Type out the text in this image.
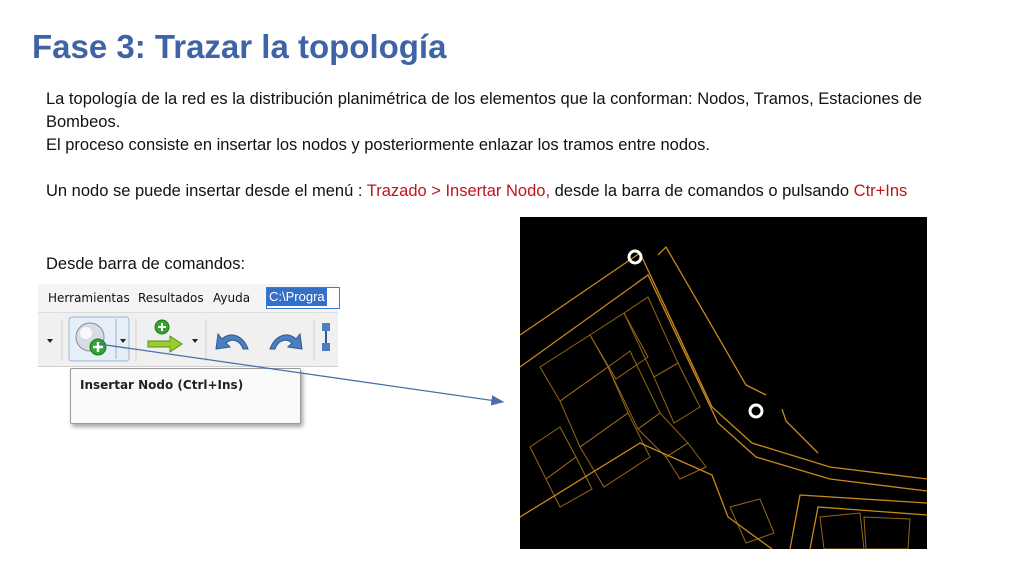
Fase 3: Trazar la topología

La topología de la red es la distribución planimétrica de los elementos que la conforman: Nodos, Tramos, Estaciones de Bombeos.

El proceso consiste en insertar los nodos y posteriormente enlazar los tramos entre nodos.

Un nodo se puede insertar desde el menú : Trazado > Insertar Nodo, desde la barra de comandos o pulsando Ctr+Ins

Desde barra de comandos:
Herramientas Resultados Ayuda C:\Progra
Insertar Nodo (Ctrl+Ins)
